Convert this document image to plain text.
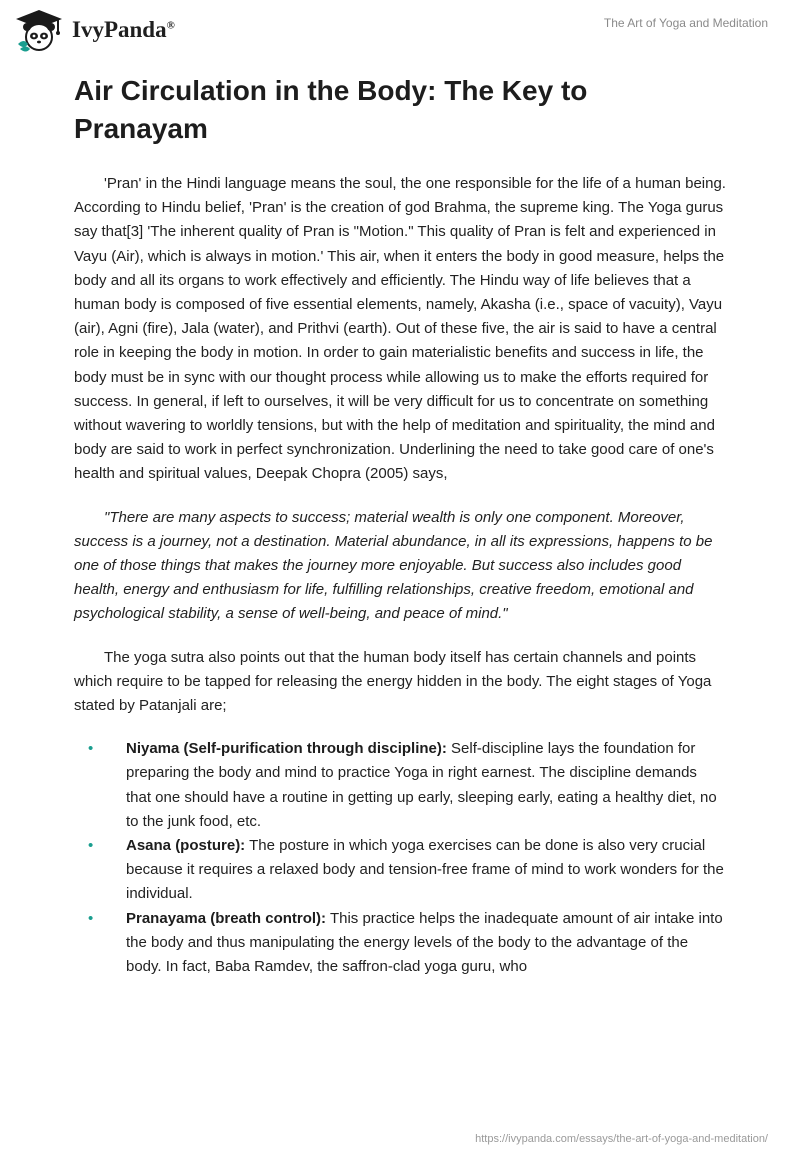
IvyPanda®	The Art of Yoga and Meditation
Air Circulation in the Body: The Key to Pranayam

'Pran' in the Hindi language means the soul, the one responsible for the life of a human being. According to Hindu belief, 'Pran' is the creation of god Brahma, the supreme king. The Yoga gurus say that[3] 'The inherent quality of Pran is "Motion." This quality of Pran is felt and experienced in Vayu (Air), which is always in motion.' This air, when it enters the body in good measure, helps the body and all its organs to work effectively and efficiently. The Hindu way of life believes that a human body is composed of five essential elements, namely, Akasha (i.e., space of vacuity), Vayu (air), Agni (fire), Jala (water), and Prithvi (earth). Out of these five, the air is said to have a central role in keeping the body in motion. In order to gain materialistic benefits and success in life, the body must be in sync with our thought process while allowing us to make the efforts required for success. In general, if left to ourselves, it will be very difficult for us to concentrate on something without wavering to worldly tensions, but with the help of meditation and spirituality, the mind and body are said to work in perfect synchronization. Underlining the need to take good care of one's health and spiritual values, Deepak Chopra (2005) says,

"There are many aspects to success; material wealth is only one component. Moreover, success is a journey, not a destination. Material abundance, in all its expressions, happens to be one of those things that makes the journey more enjoyable. But success also includes good health, energy and enthusiasm for life, fulfilling relationships, creative freedom, emotional and psychological stability, a sense of well-being, and peace of mind."

The yoga sutra also points out that the human body itself has certain channels and points which require to be tapped for releasing the energy hidden in the body. The eight stages of Yoga stated by Patanjali are;

• Niyama (Self-purification through discipline): Self-discipline lays the foundation for preparing the body and mind to practice Yoga in right earnest. The discipline demands that one should have a routine in getting up early, sleeping early, eating a healthy diet, no to the junk food, etc.
• Asana (posture): The posture in which yoga exercises can be done is also very crucial because it requires a relaxed body and tension-free frame of mind to work wonders for the individual.
• Pranayama (breath control): This practice helps the inadequate amount of air intake into the body and thus manipulating the energy levels of the body to the advantage of the body. In fact, Baba Ramdev, the saffron-clad yoga guru, who
https://ivypanda.com/essays/the-art-of-yoga-and-meditation/
